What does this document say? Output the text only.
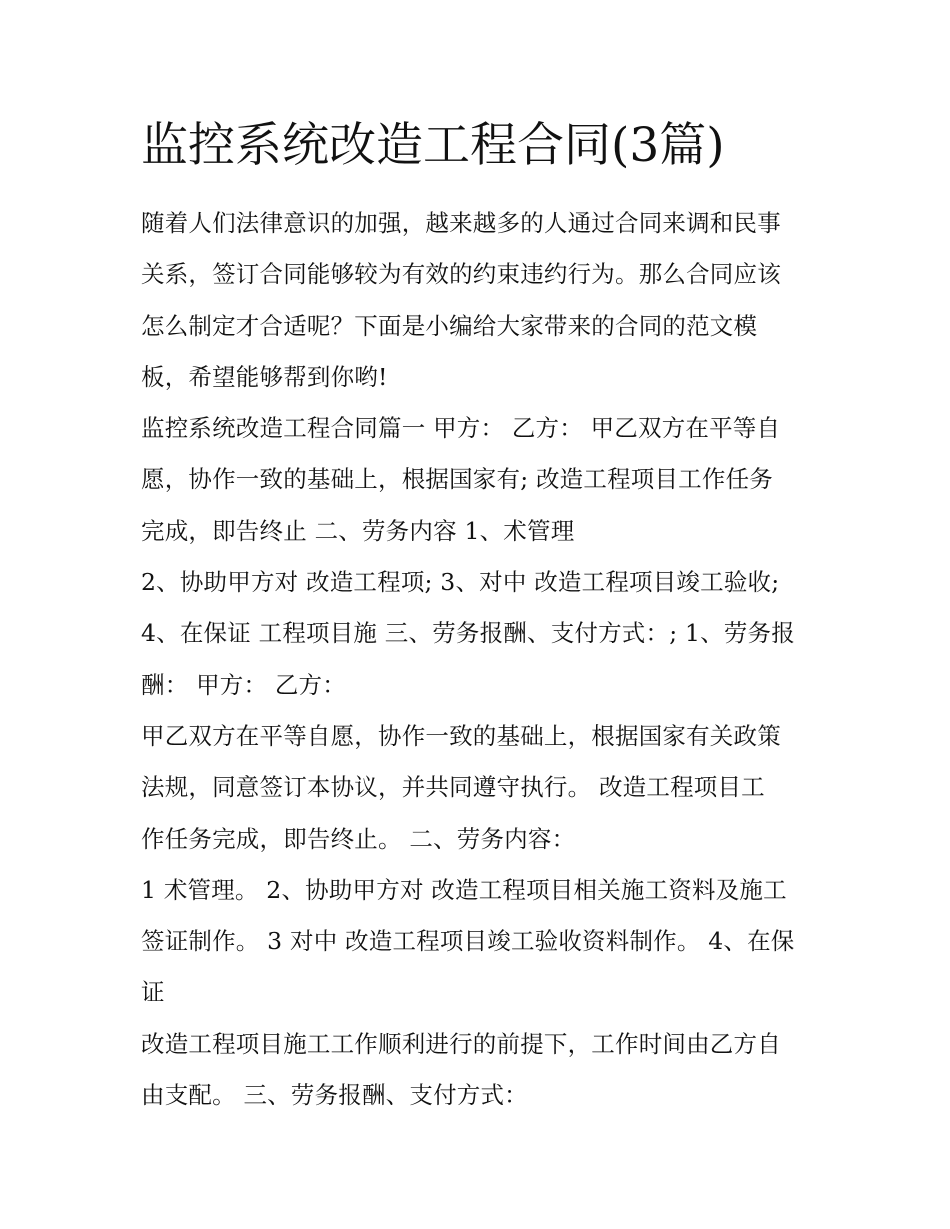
监控系统改造工程合同(3篇)
随着人们法律意识的加强，越来越多的人通过合同来调和民事
关系，签订合同能够较为有效的约束违约行为。那么合同应该
怎么制定才合适呢？下面是小编给大家带来的合同的范文模
板，希望能够帮到你哟!
监控系统改造工程合同篇一 甲方： 乙方： 甲乙双方在平等自
愿，协作一致的基础上，根据国家有; 改造工程项目工作任务
完成，即告终止 二、劳务内容 1、术管理
2、协助甲方对 改造工程项; 3、对中 改造工程项目竣工验收;
4、在保证 工程项目施 三、劳务报酬、支付方式：; 1、劳务报
酬： 甲方： 乙方：
甲乙双方在平等自愿，协作一致的基础上，根据国家有关政策
法规，同意签订本协议，并共同遵守执行。 改造工程项目工
作任务完成，即告终止。 二、劳务内容：
1 术管理。 2、协助甲方对 改造工程项目相关施工资料及施工
签证制作。 3 对中 改造工程项目竣工验收资料制作。 4、在保
证
改造工程项目施工工作顺利进行的前提下，工作时间由乙方自
由支配。 三、劳务报酬、支付方式：
